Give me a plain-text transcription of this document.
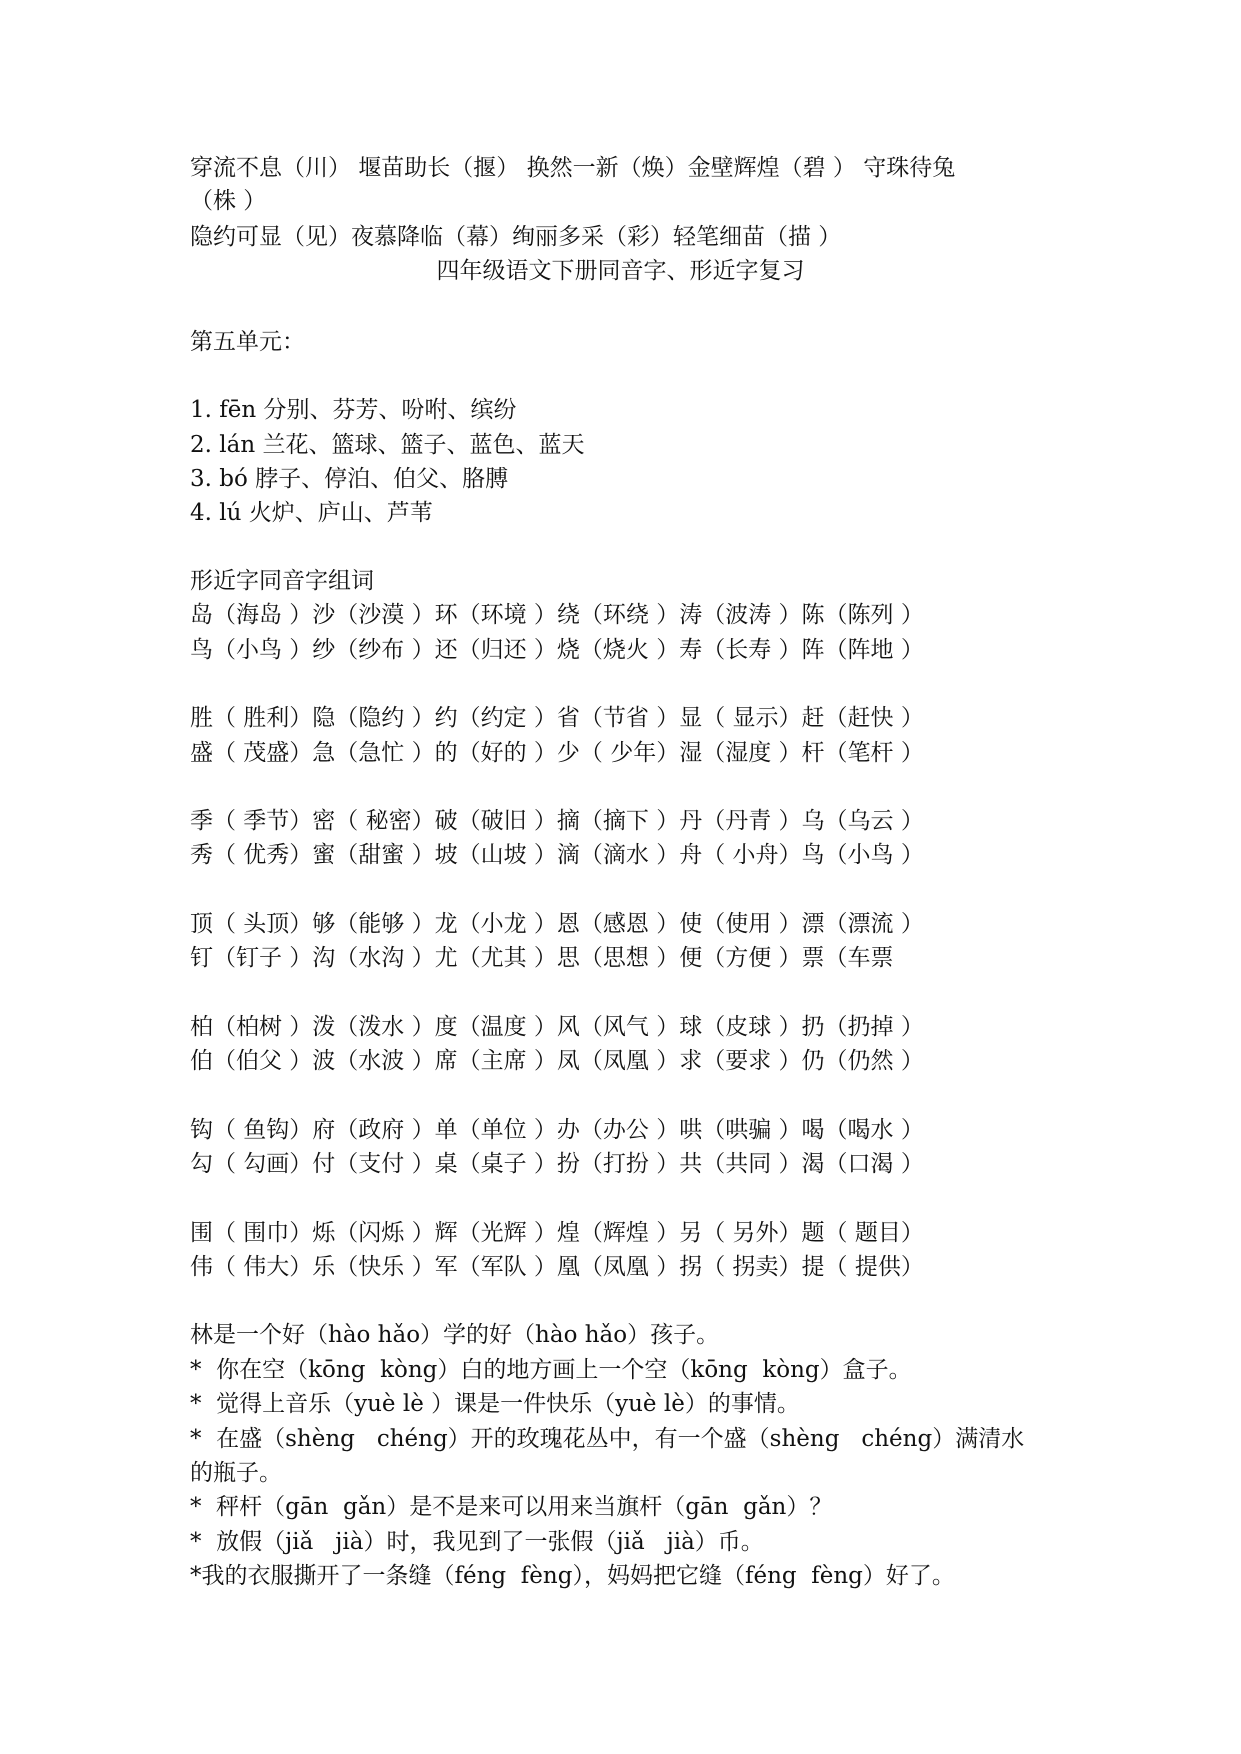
穿流不息（川） 堰苗助长（揠） 换然一新（焕）金壁辉煌（碧 ） 守珠待兔
（株 ）
隐约可显（见）夜慕降临（幕）绚丽多采（彩）轻笔细苗（描 ）
四年级语文下册同音字、形近字复习
第五单元：
1. fēn 分别、芬芳、吩咐、缤纷
2. lán 兰花、篮球、篮子、蓝色、蓝天
3. bó 脖子、停泊、伯父、胳膊
4. lú 火炉、庐山、芦苇
形近字同音字组词
岛（海岛 ）沙（沙漠 ）环（环境 ）绕（环绕 ）涛（波涛 ）陈（陈列 ）
鸟（小鸟 ）纱（纱布 ）还（归还 ）烧（烧火 ）寿（长寿 ）阵（阵地 ）
胜（ 胜利）隐（隐约 ）约（约定 ）省（节省 ）显（ 显示）赶（赶快 ）
盛（ 茂盛）急（急忙 ）的（好的 ）少（ 少年）湿（湿度 ）杆（笔杆 ）
季（ 季节）密（ 秘密）破（破旧 ）摘（摘下 ）丹（丹青 ）乌（乌云 ）
秀（ 优秀）蜜（甜蜜 ）坡（山坡 ）滴（滴水 ）舟（ 小舟）鸟（小鸟 ）
顶（ 头顶）够（能够 ）龙（小龙 ）恩（感恩 ）使（使用 ）漂（漂流 ）
钉（钉子 ）沟（水沟 ）尤（尤其 ）思（思想 ）便（方便 ）票（车票
柏（柏树 ）泼（泼水 ）度（温度 ）风（风气 ）球（皮球 ）扔（扔掉 ）
伯（伯父 ）波（水波 ）席（主席 ）凤（凤凰 ）求（要求 ）仍（仍然 ）
钩（ 鱼钩）府（政府 ）单（单位 ）办（办公 ）哄（哄骗 ）喝（喝水 ）
勾（ 勾画）付（支付 ）桌（桌子 ）扮（打扮 ）共（共同 ）渴（口渴 ）
围（ 围巾）烁（闪烁 ）辉（光辉 ）煌（辉煌 ）另（ 另外）题（ 题目）
伟（ 伟大）乐（快乐 ）军（军队 ）凰（凤凰 ）拐（ 拐卖）提（ 提供）
林是一个好（hào hǎo）学的好（hào hǎo）孩子。
*  你在空（kōng  kòng）白的地方画上一个空（kōng  kòng）盒子。
*  觉得上音乐（yuè lè ）课是一件快乐（yuè lè）的事情。
*  在盛（shèng   chéng）开的玫瑰花丛中，有一个盛（shèng   chéng）满清水
的瓶子。
*  秤杆（gān  gǎn）是不是来可以用来当旗杆（gān  gǎn）？
*  放假（jiǎ   jià）时，我见到了一张假（jiǎ   jià）币。
*我的衣服撕开了一条缝（féng  fèng），妈妈把它缝（féng  fèng）好了。
